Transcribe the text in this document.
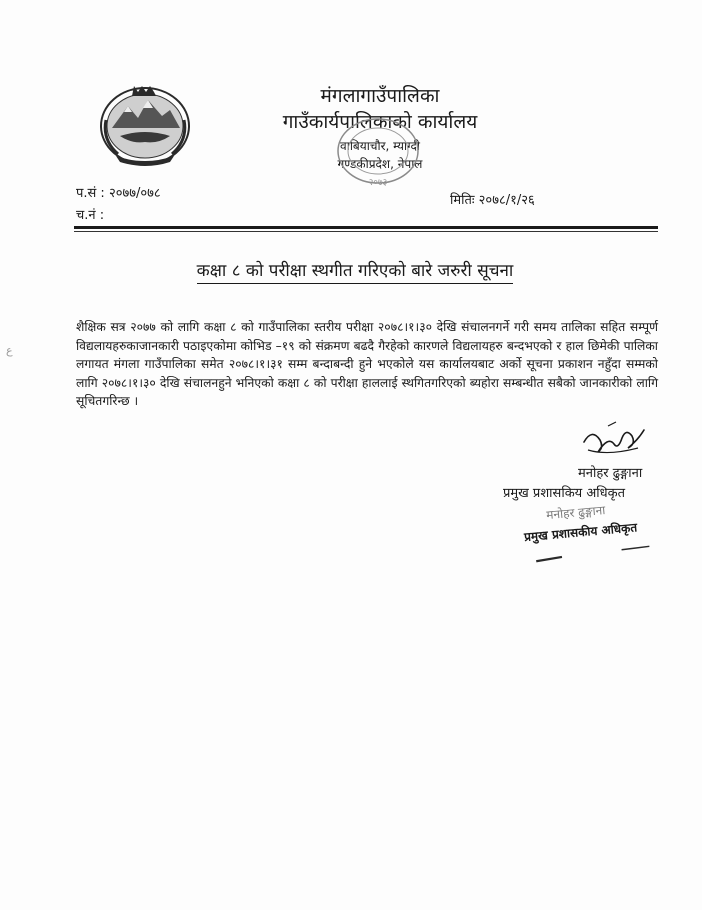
मंगलागाउँपालिका
गाउँकार्यपालिकाको कार्यालय
वाबियाचौर, म्याग्दी
गण्डकीप्रदेश, नेपाल
२०७३
प.सं : २०७७/०७८
च.नं :
मितिः २०७८/१/२६
कक्षा ८ को परीक्षा स्थगीत गरिएको बारे जरुरी सूचना
ﻉ
शैक्षिक सत्र २०७७ को लागि कक्षा ८ को गाउँपालिका स्तरीय परीक्षा २०७८।१।३० देखि संचालनगर्ने गरी समय तालिका सहित सम्पूर्ण विद्यलायहरुकाजानकारी पठाइएकोमा कोभिड –१९ को संक्रमण बढदै गैरहेको कारणले विद्यलायहरु बन्दभएको र हाल छिमेकी पालिका लगायत मंगला गाउँपालिका समेत २०७८।१।३१ सम्म बन्दाबन्दी हुने भएकोले यस कार्यालयबाट अर्को सूचना प्रकाशन नहुँदा सम्मको लागि २०७८।१।३० देखि संचालनहुने भनिएको कक्षा ८ को परीक्षा हाललाई स्थगितगरिएको ब्यहोरा सम्बन्धीत सबैको जानकारीको लागि सूचितगरिन्छ ।
मनोहर ढुङ्गाना
प्रमुख प्रशासकिय अधिकृत
मनोहर ढुङ्गाना
प्रमुख प्रशासकीय अधिकृत
